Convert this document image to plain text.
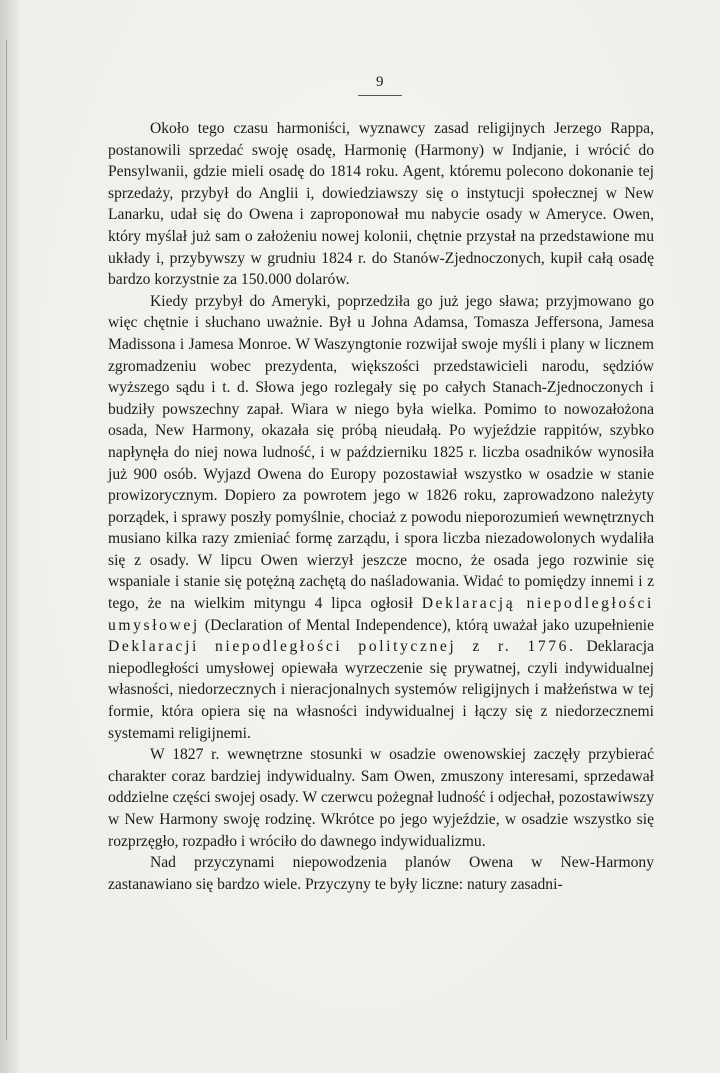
9

Około tego czasu harmoniści, wyznawcy zasad religijnych Jerzego Rappa, postanowili sprzedać swoję osadę, Harmonię (Harmony) w Indjanie, i wrócić do Pensylwanii, gdzie mieli osadę do 1814 roku. Agent, któremu polecono dokonanie tej sprzedaży, przybył do Anglii i, dowiedziawszy się o instytucji społecznej w New Lanarku, udał się do Owena i zaproponował mu nabycie osady w Ameryce. Owen, który myślał już sam o założeniu nowej kolonii, chętnie przystał na przedstawione mu układy i, przybywszy w grudniu 1824 r. do Stanów-Zjednoczonych, kupił całą osadę bardzo korzystnie za 150.000 dolarów.

Kiedy przybył do Ameryki, poprzedziła go już jego sława; przyjmowano go więc chętnie i słuchano uważnie. Był u Johna Adamsa, Tomasza Jeffersona, Jamesa Madissona i Jamesa Monroe. W Waszyngtonie rozwijał swoje myśli i plany w licznem zgromadzeniu wobec prezydenta, większości przedstawicieli narodu, sędziów wyższego sądu i t. d. Słowa jego rozlegały się po całych Stanach-Zjednoczonych i budziły powszechny zapał. Wiara w niego była wielka. Pomimo to nowozałożona osada, New Harmony, okazała się próbą nieudałą. Po wyjeździe rappitów, szybko napłynęła do niej nowa ludność, i w październiku 1825 r. liczba osadników wynosiła już 900 osób. Wyjazd Owena do Europy pozostawiał wszystko w osadzie w stanie prowizorycznym. Dopiero za powrotem jego w 1826 roku, zaprowadzono należyty porządek, i sprawy poszły pomyślnie, chociaż z powodu nieporozumień wewnętrznych musiano kilka razy zmieniać formę zarządu, i spora liczba niezadowolonych wydaliła się z osady. W lipcu Owen wierzył jeszcze mocno, że osada jego rozwinie się wspaniale i stanie się potężną zachętą do naśladowania. Widać to pomiędzy innemi i z tego, że na wielkim mityngu 4 lipca ogłosił Deklaracją niepodległości umysłowej (Declaration of Mental Independence), którą uważał jako uzupełnienie Deklaracji niepodległości politycznej z r. 1776. Deklaracja niepodległości umysłowej opiewała wyrzeczenie się prywatnej, czyli indywidualnej własności, niedorzecznych i nieracjonalnych systemów religijnych i małżeństwa w tej formie, która opiera się na własności indywidualnej i łączy się z niedorzecznemi systemami religijnemi.

W 1827 r. wewnętrzne stosunki w osadzie owenowskiej zaczęły przybierać charakter coraz bardziej indywidualny. Sam Owen, zmuszony interesami, sprzedawał oddzielne części swojej osady. W czerwcu pożegnał ludność i odjechał, pozostawiwszy w New Harmony swoję rodzinę. Wkrótce po jego wyjeździe, w osadzie wszystko się rozprzęgło, rozpadło i wróciło do dawnego indywidualizmu.

Nad przyczynami niepowodzenia planów Owena w New-Harmony zastanawiano się bardzo wiele. Przyczyny te były liczne: natury zasadni-
